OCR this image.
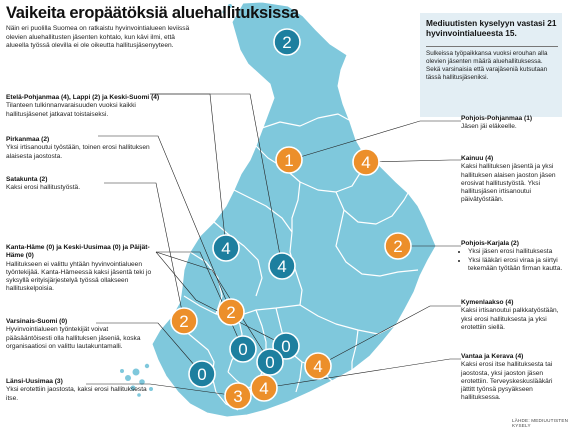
2
1	4
4
4
2
2 2
0 0
0
0 4
4
3
Vaikeita eropäätöksiä aluehallituksissa
Näin eri puolilla Suomea on ratkaistu hyvinvointialueen leviissä olevien aluehallitusten jäsenten kohtalo, kun kävi ilmi, että alueella työssä olevilla ei ole oikeutta hallitusjäsenyyteen.
Mediuutisten kyselyyn vastasi 21 hyvinvointialueesta 15.
Sulkeissa työpaikkansa vuoksi erouhan alla olevien jäsenten määrä aluehallituksessa. Sekä varsinaisia että varajäseniä kutsutaan tässä hallitusjäseniksi.
Etelä-Pohjanmaa (4), Lappi (2) ja Keski-Suomi (4)
Tilanteen tulkinnanvaraisuuden vuoksi kaikki hallitusjäsenet jatkavat toistaiseksi.
Pirkanmaa (2)
Yksi irtisanoutui työstään, toinen erosi hallituksen alaisesta jaostosta.
Satakunta (2)
Kaksi erosi hallitustyöstä.
Kanta-Häme (0) ja Keski-Uusimaa (0) ja Päijät-Häme (0)
Hallitukseen ei valittu yhtään hyvinvointialueen työntekijää. Kanta-Hämeessä kaksi jäsentä teki jo syksyllä erityisjärjestelyä työssä ollakseen hallituskelpoisia.
Varsinais-Suomi (0)
Hyvinvointialueen työntekijät voivat pääsääntöisesti olla hallituksen jäseniä, koska organisaatiosi on valittu lautakuntamalli.
Länsi-Uusimaa (3)
Yksi erotettiin jaostosta, kaksi erosi hallituksesta itse.
Pohjois-Pohjanmaa (1)
Jäsen jäi eläkeelle.
Kainuu (4)
Kaksi hallituksen jäsentä ja yksi hallituksen alaisen jaoston jäsen erosivat hallitustyöstä. Yksi hallitusjäsen irtisanoutui päivätyöstään.
Pohjois-Karjala (2)
• Yksi jäsen erosi hallituksesta
• Yksi lääkäri erosi viraa ja siirtyi tekemään työtään firman kautta.
Kymenlaakso (4)
Kaksi irtisanoutui palkkatyöstään, yksi erosi hallituksesta ja yksi erotettiin siellä.
Vantaa ja Kerava (4)
Kaksi erosi itse hallituksesta tai jaostosta, yksi jaoston jäsen erotettiin. Terveyskeskuslääkäri jättitt työnsä pysyäkseen hallituksessa.
LÄHDE: MEDIUUTISTEN KYSELY
